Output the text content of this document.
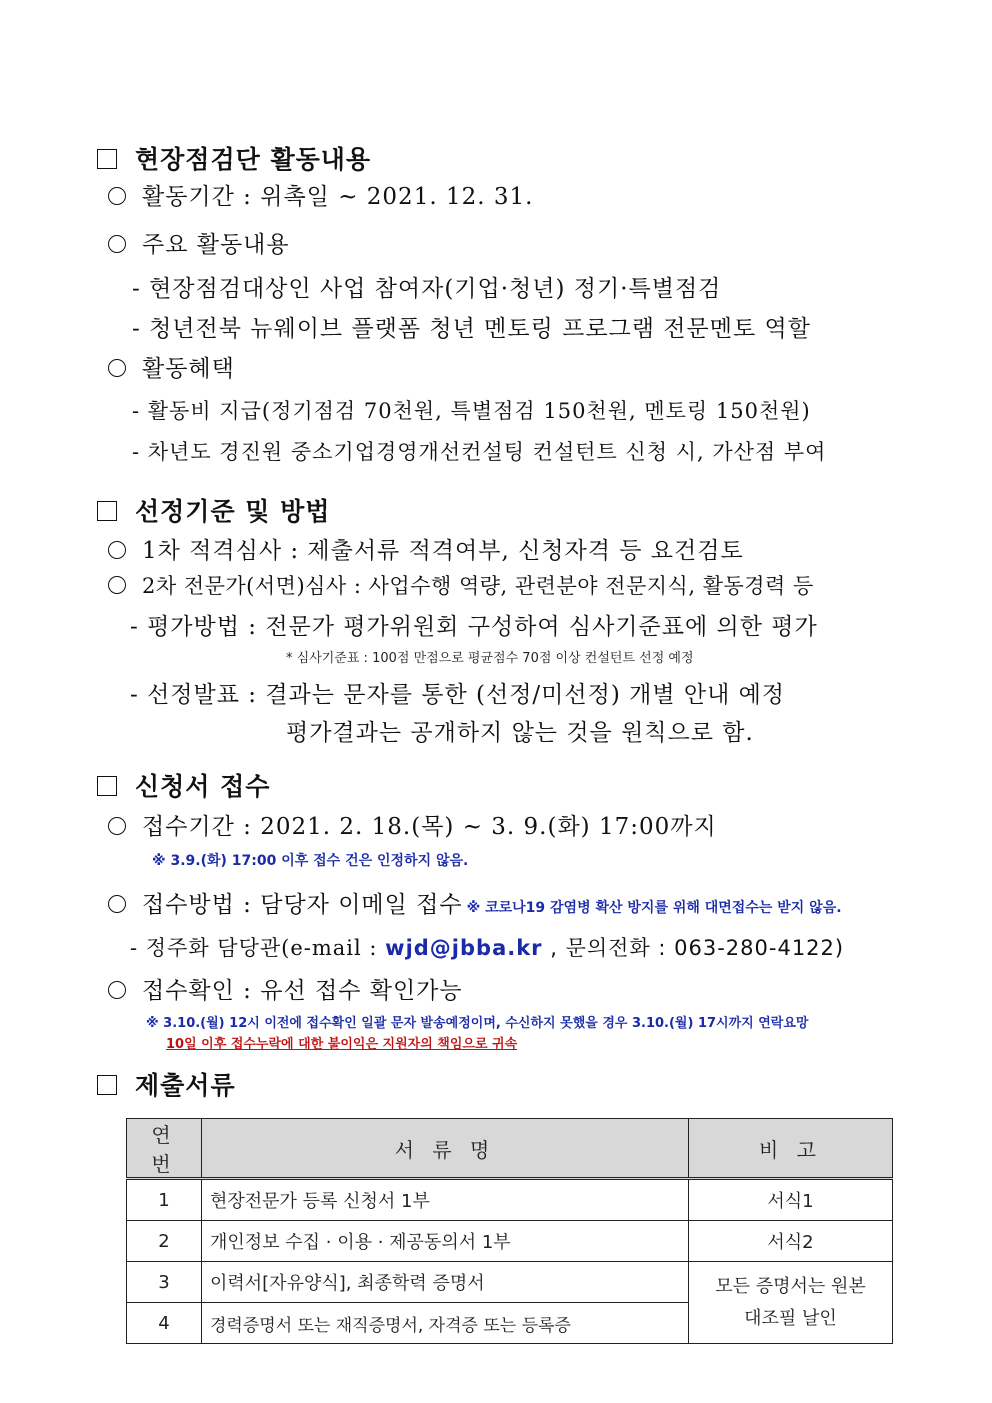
현장점검단 활동내용
활동기간 : 위촉일 ~ 2021. 12. 31.
주요 활동내용
- 현장점검대상인 사업 참여자(기업·청년) 정기·특별점검
- 청년전북 뉴웨이브 플랫폼 청년 멘토링 프로그램 전문멘토 역할
활동혜택
- 활동비 지급(정기점검 70천원, 특별점검 150천원, 멘토링 150천원)
- 차년도 경진원 중소기업경영개선컨설팅 컨설턴트 신청 시, 가산점 부여
선정기준 및 방법
1차 적격심사 : 제출서류 적격여부, 신청자격 등 요건검토
2차 전문가(서면)심사 : 사업수행 역량, 관련분야 전문지식, 활동경력 등
- 평가방법 : 전문가 평가위원회 구성하여 심사기준표에 의한 평가
* 심사기준표 : 100점 만점으로 평균점수 70점 이상 컨설턴트 선정 예정
- 선정발표 : 결과는 문자를 통한 (선정/미선정) 개별 안내 예정
평가결과는 공개하지 않는 것을 원칙으로 함.
신청서 접수
접수기간 : 2021. 2. 18.(목) ~ 3. 9.(화) 17:00까지
※ 3.9.(화) 17:00 이후 접수 건은 인정하지 않음.
접수방법 : 담당자 이메일 접수 ※ 코로나19 감염병 확산 방지를 위해 대면접수는 받지 않음.
- 정주화 담당관(e-mail : wjd@jbba.kr , 문의전화 : 063-280-4122)
접수확인 : 유선 접수 확인가능
※ 3.10.(월) 12시 이전에 접수확인 일괄 문자 발송예정이며, 수신하지 못했을 경우 3.10.(월) 17시까지 연락요망
10일 이후 접수누락에 대한 불이익은 지원자의 책임으로 귀속
제출서류
연 번	서 류 명	비 고
1	현장전문가 등록 신청서 1부	서식1
2	개인정보 수집 · 이용 · 제공동의서 1부	서식2
3	이력서[자유양식], 최종학력 증명서	모든 증명서는 원본대조필 날인
4	경력증명서 또는 재직증명서, 자격증 또는 등록증	
